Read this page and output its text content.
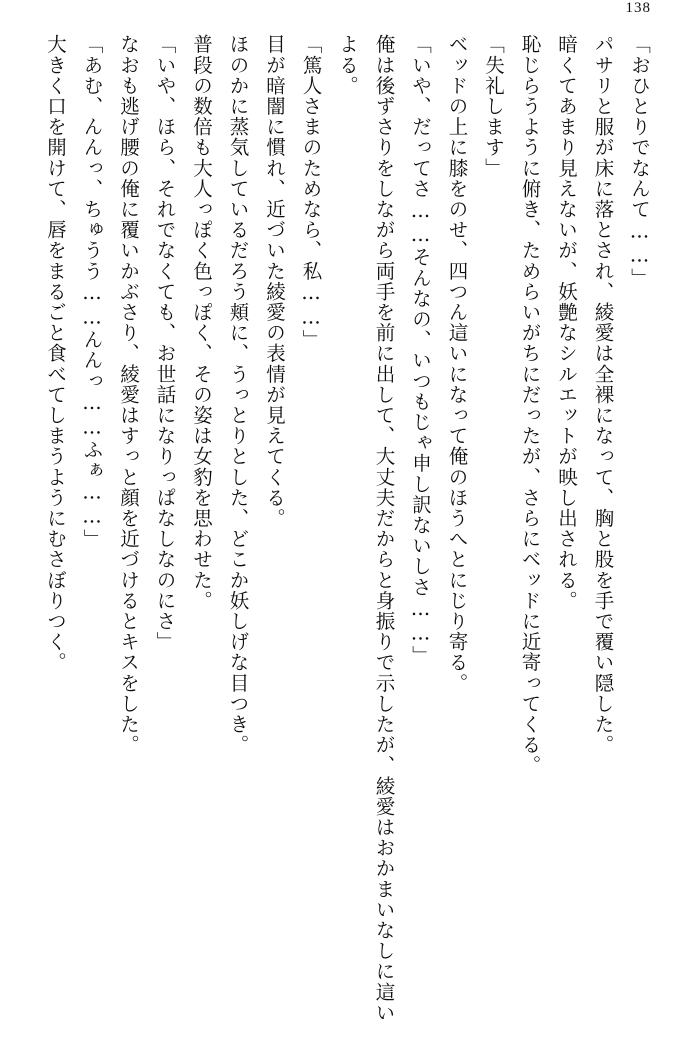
138

「おひとりでなんて……」

パサリと服が床に落とされ、綾愛は全裸になって、胸と股を手で覆い隠した。

暗くてあまり見えないが、妖艶なシルエットが映し出される。

恥じらうように俯き、ためらいがちにだったが、さらにベッドに近寄ってくる。

「失礼します」

ベッドの上に膝をのせ、四つん這いになって俺のほうへとにじり寄る。

「いや、だってさ……そんなの、いつもじゃ申し訳ないしさ……」

俺は後ずさりをしながら両手を前に出して、大丈夫だからと身振りで示したが、綾愛はおかまいなしに這いよる。

「篤人さまのためなら、私……」

目が暗闇に慣れ、近づいた綾愛の表情が見えてくる。

ほのかに蒸気しているだろう頬に、うっとりとした、どこか妖しげな目つき。

普段の数倍も大人っぽく色っぽく、その姿は女豹を思わせた。

「いや、ほら、それでなくても、お世話になりっぱなしなのにさ」

なおも逃げ腰の俺に覆いかぶさり、綾愛はすっと顔を近づけるとキスをした。

「あむ、んんっ、ちゅうう……んんっ……ふぁ……」

大きく口を開けて、唇をまるごと食べてしまうようにむさぼりつく。
